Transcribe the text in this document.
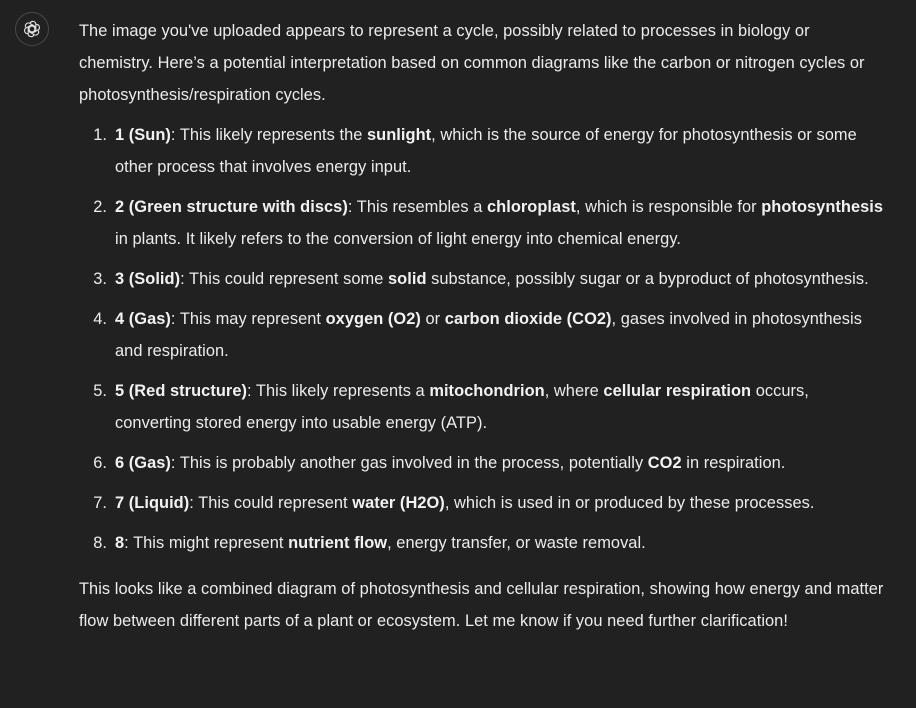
The image you've uploaded appears to represent a cycle, possibly related to processes in biology or chemistry. Here’s a potential interpretation based on common diagrams like the carbon or nitrogen cycles or photosynthesis/respiration cycles.

1. 1 (Sun): This likely represents the sunlight, which is the source of energy for photosynthesis or some other process that involves energy input.
2. 2 (Green structure with discs): This resembles a chloroplast, which is responsible for photosynthesis in plants. It likely refers to the conversion of light energy into chemical energy.
3. 3 (Solid): This could represent some solid substance, possibly sugar or a byproduct of photosynthesis.
4. 4 (Gas): This may represent oxygen (O2) or carbon dioxide (CO2), gases involved in photosynthesis and respiration.
5. 5 (Red structure): This likely represents a mitochondrion, where cellular respiration occurs, converting stored energy into usable energy (ATP).
6. 6 (Gas): This is probably another gas involved in the process, potentially CO2 in respiration.
7. 7 (Liquid): This could represent water (H2O), which is used in or produced by these processes.
8. 8: This might represent nutrient flow, energy transfer, or waste removal.

This looks like a combined diagram of photosynthesis and cellular respiration, showing how energy and matter flow between different parts of a plant or ecosystem. Let me know if you need further clarification!
